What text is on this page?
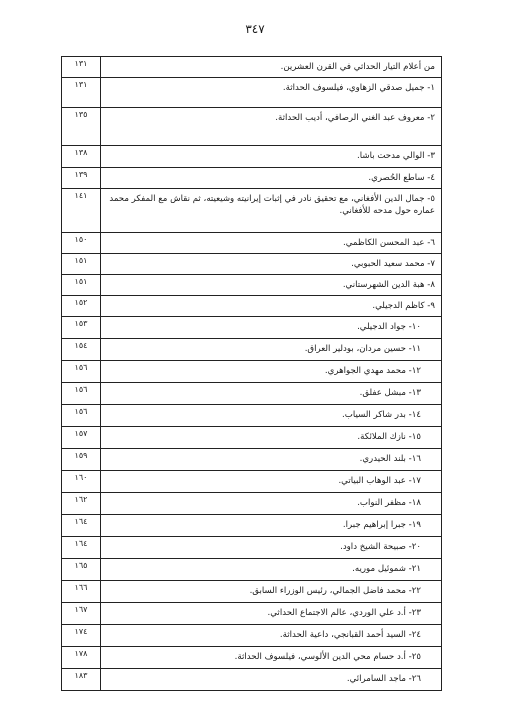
٣٤٧
١٣١	من أعلام التيار الحداثي في القرن العشرين.
١٣١	١- جميل صدقي الزهاوي، فيلسوف الحداثة.
١٣٥	٢- معروف عبد الغني الرصافي، أديب الحداثة.
١٣٨	٣- الوالي مدحت باشا.
١٣٩	٤- ساطع الحُصري.
١٤١	٥- جمال الدين الأفغاني، مع تحقيق نادر في إثبات إيرانيته وشيعيته، ثم نقاش مع المفكر محمد عماره حول مدحه للأفغاني.
١٥٠	٦- عبد المحسن الكاظمي.
١٥١	٧- محمد سعيد الحبوبي.
١٥١	٨- هبة الدين الشهرستاني.
١٥٢	٩- كاظم الدجيلي.
١٥٣	١٠- جواد الدجيلي.
١٥٤	١١- حسين مردان، بودلير العراق.
١٥٦	١٢- محمد مهدي الجواهري.
١٥٦	١٣- مبشل عفلق.
١٥٦	١٤- بدر شاكر السياب.
١٥٧	١٥- نازك الملائكة.
١٥٩	١٦- بلند الحيدري.
١٦٠	١٧- عبد الوهاب البياتي.
١٦٢	١٨- مظفر النواب.
١٦٤	١٩- جبرا إبراهيم جبرا.
١٦٤	٢٠- صبيحة الشيخ داود.
١٦٥	٢١- شموئيل موريه.
١٦٦	٢٢- محمد فاضل الجمالي، رئيس الوزراء السابق.
١٦٧	٢٣- أ.د علي الوردي، عالم الاجتماع الحداثي.
١٧٤	٢٤- السيد أحمد القبانجي، داعية الحداثة.
١٧٨	٢٥- أ.د حسام محي الدين الألوسي، فيلسوف الحداثة.
١٨٣	٢٦- ماجد السامرائي.
